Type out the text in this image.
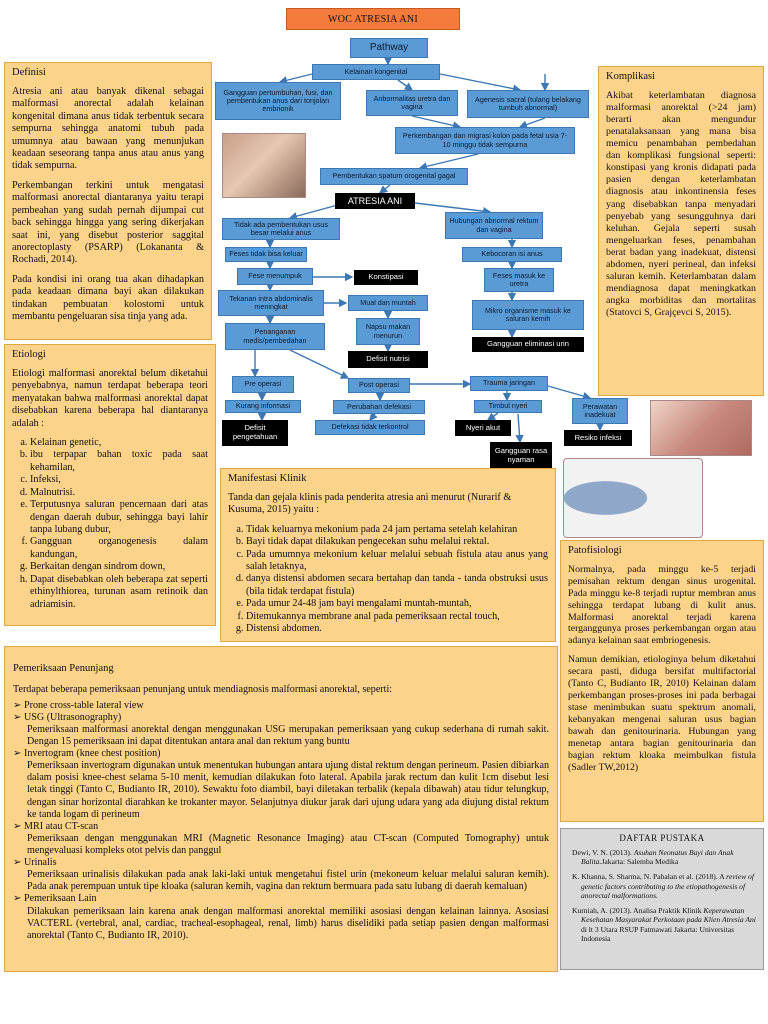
WOC ATRESIA ANI
Pathway
Kelainan kongenital
Gangguan pertumbuhan, fusi, dan pembentukan anus dari tonjolan embrionik
Anbormalitas uretra dan vagina
Agenesis sacral (tulang belakang tumbuh abnormal)
Perkembangan dan migrasi kolon pada fetal usia 7-10 minggu tidak sempurna
Pembentukan spatum orogenital gagal
ATRESIA ANI
Tidak ada pembentukan usus besar melalui anus
Hubungan abnormal rektum dan vagina
Feses tidak bisa keluar	Kebocoran isi anus
Fese menumpuk	Konstipasi	Feses masuk ke uretra
Tekanan intra abdominalis meningkat	Mual dan muntah
Mikro organisme masuk ke saluran kemih
Napsu makan menurun
Gangguan eliminasi urin
Penanganan medis/pembedahan
Defisit nutrisi
Pre operasi	Post operasi	Trauma jaringan
Kurang informasi	Perubahan defekasi	Timbul nyeri	Perawatan inadekuat
Defisit pengetahuan
Defekasi tidak terkontrol	Nyeri akut
Resiko infeksi
Gangguan rasa nyaman
Definisi

Atresia ani atau banyak dikenal sebagai malformasi anorectal adalah kelainan kongenital dimana anus tidak terbentuk secara sempurna sehingga anatomi tubuh pada umumnya atau bawaan yang menunjukan keadaan seseorang tanpa anus atau anus yang tidak sempurna.

Perkembangan terkini untuk mengatasi malformasi anorectal diantaranya yaitu terapi pembeahan yang sudah pernah dijumpai cut back sehingga hingga yang sering dikerjakan saat ini, yang disebut posterior saggital anorectoplasty (PSARP) (Lokananta & Rochadi, 2014).

Pada kondisi ini orang tua akan dihadapkan pada keadaan dimana bayi akan dilakukan tindakan pembuatan kolostomi untuk membantu pengeluaran sisa tinja yang ada.

Etiologi

Etiologi malformasi anorektal belum diketahui penyebabnya, namun terdapat beberapa teori menyatakan bahwa malformasi anorektal dapat disebabkan karena beberapa hal diantaranya adalah :

a. Kelainan genetic,
b. ibu terpapar bahan toxic pada saat kehamilan,
c. Infeksi,
d. Malnutrisi.
e. Terputusnya saluran pencernaan dari atas dengan daerah dubur, sehingga bayi lahir tanpa lubang dubur,
f. Gangguan organogenesis dalam kandungan,
g. Berkaitan dengan sindrom down,
h. Dapat disebabkan oleh beberapa zat seperti ethinylthiorea, turunan asam retinoik dan adriamisin.
Komplikasi

Akibat keterlambatan diagnosa malformasi anorektal (>24 jam) berarti akan mengundur penatalaksanaan yang mana bisa memicu penambahan pembedahan dan komplikasi fungsional seperti: konstipasi yang kronis didapati pada pasien dengan keterlambatan diagnosis atau inkontinensia feses yang disebabkan tanpa menyadari penyebab yang sesungguhnya dari keluhan. Gejala seperti susah mengeluarkan feses, penambahan berat badan yang inadekuat, distensi abdomen, nyeri perineal, dan infeksi saluran kemih. Keterlambatan dalam mendiagnosa dapat meningkatkan angka morbiditas dan mortalitas (Statovci S, Grajçevci S, 2015).

Manifestasi Klinik

Tanda dan gejala klinis pada penderita atresia ani menurut (Nurarif & Kusuma, 2015) yaitu :

a. Tidak keluarnya mekonium pada 24 jam pertama setelah kelahiran
b. Bayi tidak dapat dilakukan pengecekan suhu melalui rektal.
c. Pada umumnya mekonium keluar melalui sebuah fistula atau anus yang salah letaknya,
d. danya distensi abdomen secara bertahap dan tanda - tanda obstruksi usus (bila tidak terdapat fistula)
e. Pada umur 24-48 jam bayi mengalami muntah-muntah,
f. Ditemukannya membrane anal pada pemeriksaan rectal touch,
g. Distensi abdomen.
Patofisiologi

Normalnya, pada minggu ke-5 terjadi pemisahan rektum dengan sinus urogenital. Pada minggu ke-8 terjadi ruptur membran anus sehingga terdapat lubang di kulit anus. Malformasi anorektal terjadi karena terganggunya proses perkembangan organ atau adanya kelainan saat embriogenesis.

Namun demikian, etiologinya belum diketahui secara pasti, diduga bersifat multifactorial (Tanto C, Budianto IR, 2010) Kelainan dalam perkembangan proses-proses ini pada berbagai stase menimbukan suatu spektrum anomali, kebanyakan mengenai saluran usus bagian bawah dan genitourinaria. Hubungan yang menetap antara bagian genitourinaria dan bagian rektum kloaka meimbulkan fistula (Sadler TW,2012)

Pemeriksaan Penunjang

Terdapat beberapa pemeriksaan penunjang untuk mendiagnosis malformasi anorektal, seperti:

➢ Prone cross-table lateral view
➢ USG (Ultrasonography)
Pemeriksaan malformasi anorektal dengan menggunakan USG merupakan pemeriksaan yang cukup sederhana di rumah sakit. Dengan 15 pemeriksaan ini dapat ditentukan antara anal dan rektum yang buntu
➢ Invertogram (knee chest position)
Pemeriksaan invertogram digunakan untuk menentukan hubungan antara ujung distal rektum dengan perineum. Pasien dibiarkan dalam posisi knee-chest selama 5-10 menit, kemudian dilakukan foto lateral. Apabila jarak rectum dan kulit 1cm disebut lesi letak tinggi (Tanto C, Budianto IR, 2010). Sewaktu foto diambil, bayi diletakan terbalik (kepala dibawah) atau tidur telungkup, dengan sinar horizontal diarahkan ke trokanter mayor. Selanjutnya diukur jarak dari ujung udara yang ada diujung distal rektum ke tanda logam di perineum
➢ MRI atau CT-scan
Pemeriksaan dengan menggunakan MRI (Magnetic Resonance Imaging) atau CT-scan (Computed Tomography) untuk mengevaluasi kompleks otot pelvis dan panggul
➢ Urinalis
Pemeriksaan urinalisis dilakukan pada anak laki-laki untuk mengetahui fistel urin (mekoneum keluar melalui saluran kemih). Pada anak perempuan untuk tipe kloaka (saluran kemih, vagina dan rektum bermuara pada satu lubang di daerah kemaluan)
➢ Pemeriksaan Lain
Dilakukan pemeriksaan lain karena anak dengan malformasi anorektal memiliki asosiasi dengan kelainan lainnya. Asosiasi VACTERL (vertebral, anal, cardiac, tracheal-esophageal, renal, limb) harus diselidiki pada setiap pasien dengan malformasi anorektal (Tanto C, Budianto IR, 2010).
DAFTAR PUSTAKA
Dewi, V. N. (2013). Asuhan Neonatus Bayi dan Anak Balita.Jakarta: Salemba Medika
K. Khanna, S. Sharma, N. Pabalan et al. (2018). A review of genetic factors contributing to the etiopathogenesis of anorectal malformations.
Kurniah, A. (2013). Analisa Praktik Klinik Keperawatan Kesehatan Masyarakat Perkotaan pada Klien Atresia Ani di lt 3 Utara RSUP Fatmawati Jakarta: Universitas Indonesia
